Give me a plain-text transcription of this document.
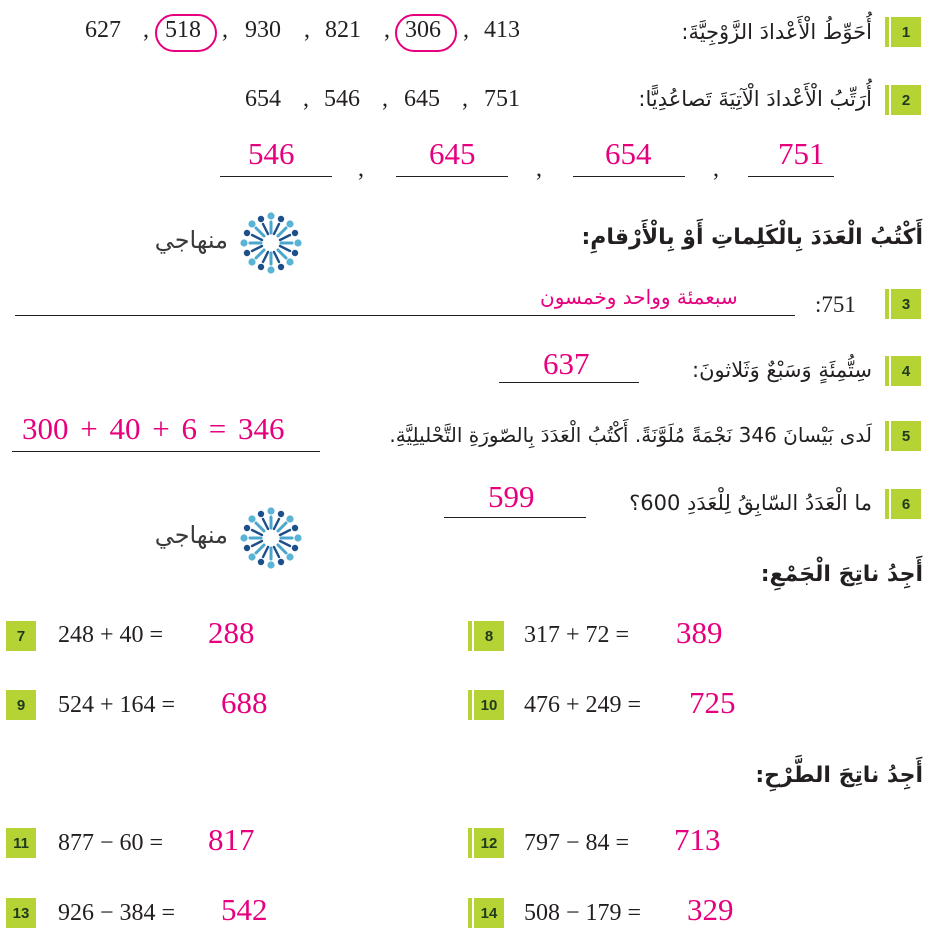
1
أُحَوِّطُ الْأَعْدادَ الزَّوْجِيَّةَ:
627 , 518 , 930 , 821 , 306 , 413
2
أُرَتِّبُ الْأَعْدادَ الْآتِيَةَ تَصاعُدِيًّا:
654 , 546 , 645 , 751
546	, 645	, 654	, 751
أَكْتُبُ الْعَدَدَ بِالْكَلِماتِ أَوْ بِالْأَرْقامِ:
منهاجي
3
:751
سبعمئة وواحد وخمسون
4
سِتُّمِئَةٍ وَسَبْعٌ وَثَلاثونَ:
637
5
لَدى بَيْسانَ 346 نَجْمَةً مُلَوَّنَةً. أَكْتُبُ الْعَدَدَ بِالصّورَةِ التَّحْليلِيَّةِ.
300 + 40 + 6 = 346
6
ما الْعَدَدُ السّابِقُ لِلْعَدَدِ 600؟
599
منهاجي
أَجِدُ ناتِجَ الْجَمْعِ:
7	248 + 40 = 288	8	317 + 72 = 389
9	524 + 164 = 688	10 476 + 249 = 725
أَجِدُ ناتِجَ الطَّرْحِ:
11 877 − 60 = 817	12 797 − 84 = 713
13 926 − 384 = 542	14 508 − 179 = 329
